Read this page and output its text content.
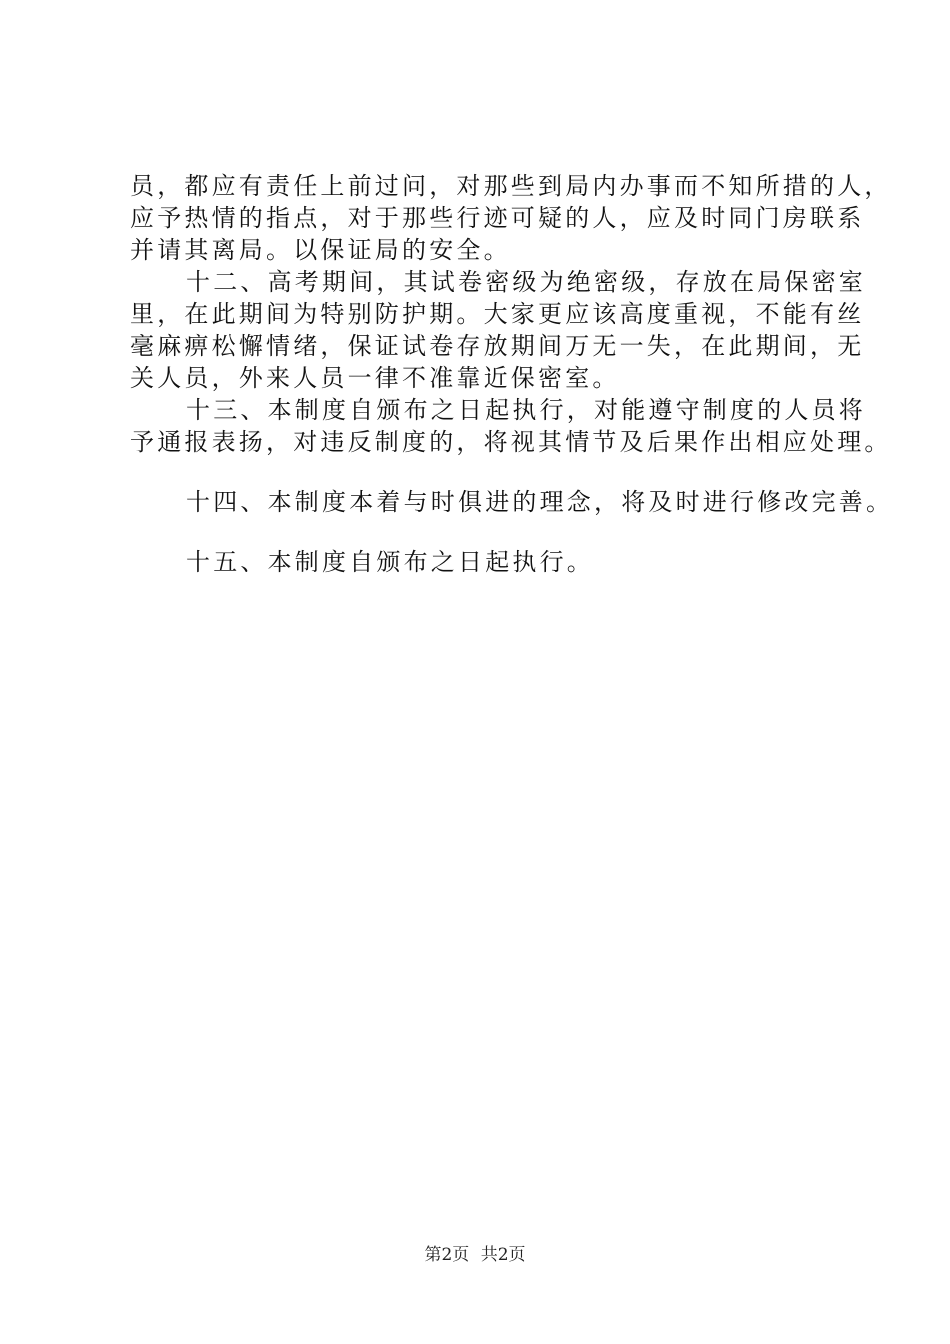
员，都应有责任上前过问，对那些到局内办事而不知所措的人，
应予热情的指点，对于那些行迹可疑的人，应及时同门房联系
并请其离局。以保证局的安全。
十二、高考期间，其试卷密级为绝密级，存放在局保密室
里，在此期间为特别防护期。大家更应该高度重视，不能有丝
毫麻痹松懈情绪，保证试卷存放期间万无一失，在此期间，无
关人员，外来人员一律不准靠近保密室。
十三、本制度自颁布之日起执行，对能遵守制度的人员将
予通报表扬，对违反制度的，将视其情节及后果作出相应处理。
十四、本制度本着与时俱进的理念，将及时进行修改完善。
十五、本制度自颁布之日起执行。
第2页 共2页
